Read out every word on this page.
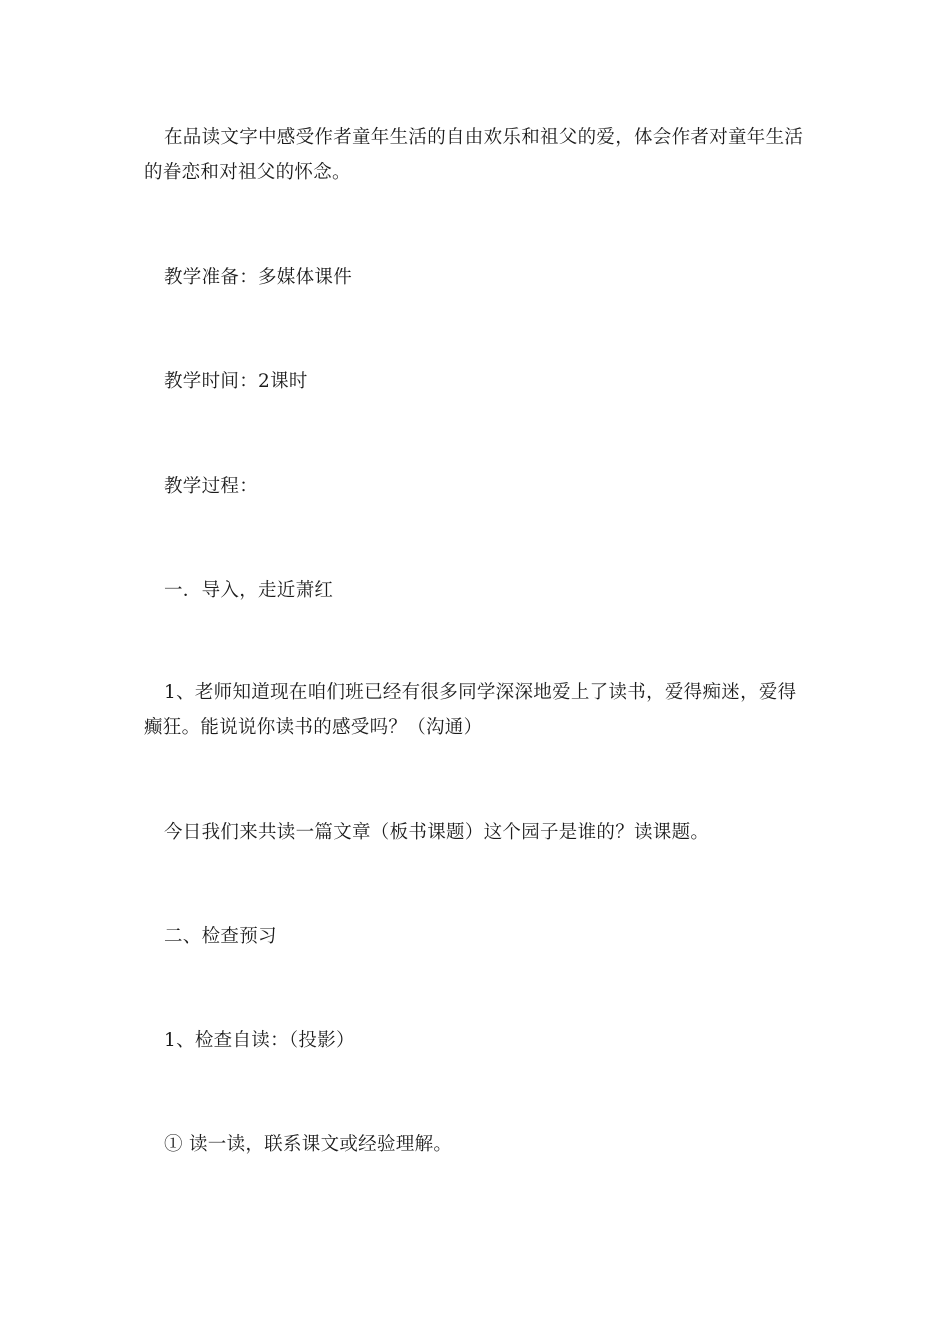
在品读文字中感受作者童年生活的自由欢乐和祖父的爱，体会作者对童年生活的眷恋和对祖父的怀念。

教学准备：多媒体课件

教学时间：2课时

教学过程：

一．导入，走近萧红

1、老师知道现在咱们班已经有很多同学深深地爱上了读书，爱得痴迷，爱得癫狂。能说说你读书的感受吗？（沟通）

今日我们来共读一篇文章（板书课题）这个园子是谁的？读课题。

二、检查预习

1、检查自读：（投影）

① 读一读，联系课文或经验理解。
